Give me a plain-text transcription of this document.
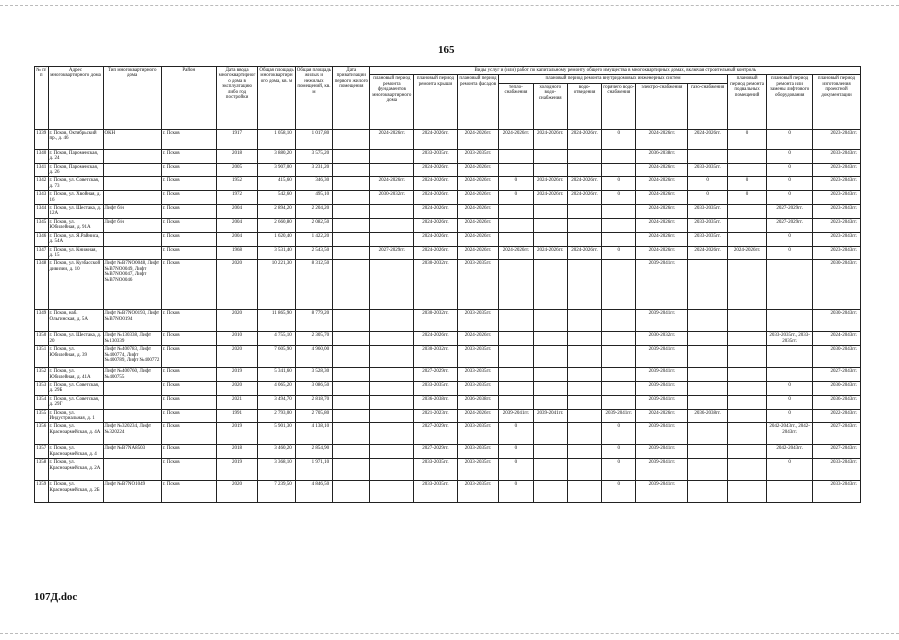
165
№ п/п	Адрес многоквартирного дома	Тип многоквартирного дома	Район	Дата ввода многоквартирного дома в эксплуатацию либо год постройки	Общая площадь многоквартирного дома, кв. м	Общая площадь жилых и нежилых помещений, кв. м	Дата приватизации первого жилого помещения	Виды услуг и (или) работ по капитальному ремонту общего имущества в многоквартирных домах, включая строительный контроль											
								плановый период ремонта фундаментов многоквартирного дома	плановый период ремонта крыши	плановый период ремонта фасадов	плановый период ремонта внутридомовых инженерных систем						плановый период ремонта подвальных помещений	плановый период ремонта или замены лифтового оборудования	плановый период изготовления проектной документации
											тепло-снабжения	холодного водо-снабжения	водо-отведения	горячего водо-снабжения	электро-снабжения	газо-снабжения			
1339	г. Псков, Октябрьский пр., д. 46	ОКН	г. Псков	1917	1 058,10	1 017,80		2024-2026гг.	2024-2026гг.	2024-2026гг.	2024-2026гг.	2024-2026гг.	2024-2026гг.	0	2024-2026гг.	2024-2026гг.	0	0	2023-2043гг.
1340	г. Псков, Пароменская, д. 24		г. Псков	2018	3 880,20	3 575,20			2033-2035гг.	2033-2035гг.					2036-2038гг.			0	2033-2043гг.
1341	г. Псков, Пароменская, д. 26		г. Псков	2005	3 907,00	3 231,20			2024-2026гг.	2024-2026гг.					2024-2026гг.	2033-2035гг.		0	2023-2043гг.
1342	г. Псков, ул. Советская, д. 73		г. Псков	1952	415,60	346,30		2024-2026гг.	2024-2026гг.	2024-2026гг.	0	2024-2026гг.	2024-2026гг.	0	2024-2026гг.	0	0	0	2023-2043гг.
1343	г. Псков, ул. Хвойная, д. 16		г. Псков	1972	542,60	495,10		2030-2032гг.	2024-2026гг.	2024-2026гг.	0	2024-2026гг.	2024-2026гг.	0	2024-2026гг.	0	0	0	2023-2043гг.
1344	г. Псков, ул. Шестака, д. 12А	Лифт б/н	г. Псков	2004	2 894,20	2 204,20			2024-2026гг.	2024-2026гг.					2024-2026гг.	2033-2035гг.		2027-2029гг.	2023-2043гг.
1345	г. Псков, ул. Юбилейная, д. 91А	Лифт б/н	г. Псков	2004	2 660,80	2 082,50			2024-2026гг.	2024-2026гг.					2024-2026гг.	2033-2035гг.		2027-2029гг.	2023-2043гг.
1346	г. Псков, ул. Я.Райниса, д. 54А		г. Псков	2004	1 620,40	1 422,20			2024-2026гг.	2024-2026гг.					2024-2026гг.	2033-2035гг.		0	2023-2043гг.
1347	г. Псков, ул. Книжная, д. 15		г. Псков	1968	3 531,40	2 543,50		2027-2029гг.	2024-2026гг.	2024-2026гг.	2024-2026гг.	2024-2026гг.	2024-2026гг.	0	2024-2026гг.	2024-2026гг.	2024-2026гг.	0	2023-2043гг.
1348	г. Псков, ул. Кузбасской дивизии, д. 10	Лифт №В7NO0048, Лифт №В7NO0049, Лифт №В7NO0047, Лифт №В7NO0046	г. Псков	2020	10 221,30	8 312,50			2030-2032гг.	2033-2035гг.					2039-2041гг.				2030-2043гг.
1349	г. Псков, наб. Ольгинская, д. 5А	Лифт №В7NO0193, Лифт №В7NO0194	г. Псков	2020	11 865,90	8 779,20			2030-2032гг.	2033-2035гг.					2039-2041гг.				2030-2043гг.
1350	г. Псков, ул. Шестака, д. 20	Лифт №130338, Лифт №130339	г. Псков	2010	4 755,10	2 305,70			2024-2026гг.	2024-2026гг.					2030-2032гг.			2033-2035гг., 2033-2035гг.	2024-2043гг.
1351	г. Псков, ул. Юбилейная, д. 39	Лифт №400783, Лифт №400774, Лифт №400789, Лифт №400772	г. Псков	2020	7 605,90	4 960,00			2030-2032гг.	2033-2035гг.					2039-2041гг.				2030-2043гг.
1352	г. Псков, ул. Юбилейная, д. 41А	Лифт №400760, Лифт №400755	г. Псков	2019	5 341,60	3 528,30			2027-2029гг.	2033-2035гг.					2039-2041гг.				2027-2043гг.
1353	г. Псков, ул. Советская, д. 29Б		г. Псков	2020	4 065,20	3 086,50			2033-2035гг.	2033-2035гг.					2039-2041гг.			0	2030-2043гг.
1354	г. Псков, ул. Советская, д. 29Г		г. Псков	2021	3 494,70	2 818,70			2036-2038гг.	2036-2038гг.					2039-2041гг.			0	2036-2043гг.
1355	г. Псков, ул. Индустриальная, д. 1		г. Псков	1991	2 793,00	2 705,80			2021-2023гг.	2024-2026гг.	2039-2041гг.	2039-2041гг.		2039-2041гг.	2024-2026гг.	2036-2038гг.		0	2022-2043гг.
1356	г. Псков, ул. Красноармейская, д. 4А	Лифт №320234, Лифт №320224	г. Псков	2019	5 901,30	4 138,10			2027-2029гг.	2033-2035гг.	0			0	2039-2041гг.			2042-2043гг., 2042-2043гг.	2027-2043гг.
1357	г. Псков, ул. Красноармейская, д. 4	Лифт №В7NA8503	г. Псков	2018	3 460,20	2 854,90			2027-2029гг.	2033-2035гг.	0			0	2039-2041гг.			2042-2043гг.	2027-2043гг.
1358	г. Псков, ул. Красноармейская, д. 2А		г. Псков	2019	3 368,10	1 971,10			2033-2035гг.	2033-2035гг.	0			0	2039-2041гг.			0	2033-2043гг.
1359	г. Псков, ул. Красноармейская, д. 2Б	Лифт №В7NO1049	г. Псков	2020	7 239,50	4 846,50			2033-2035гг.	2033-2035гг.	0			0	2039-2041гг.				2033-2043гг.
107Д.doc
